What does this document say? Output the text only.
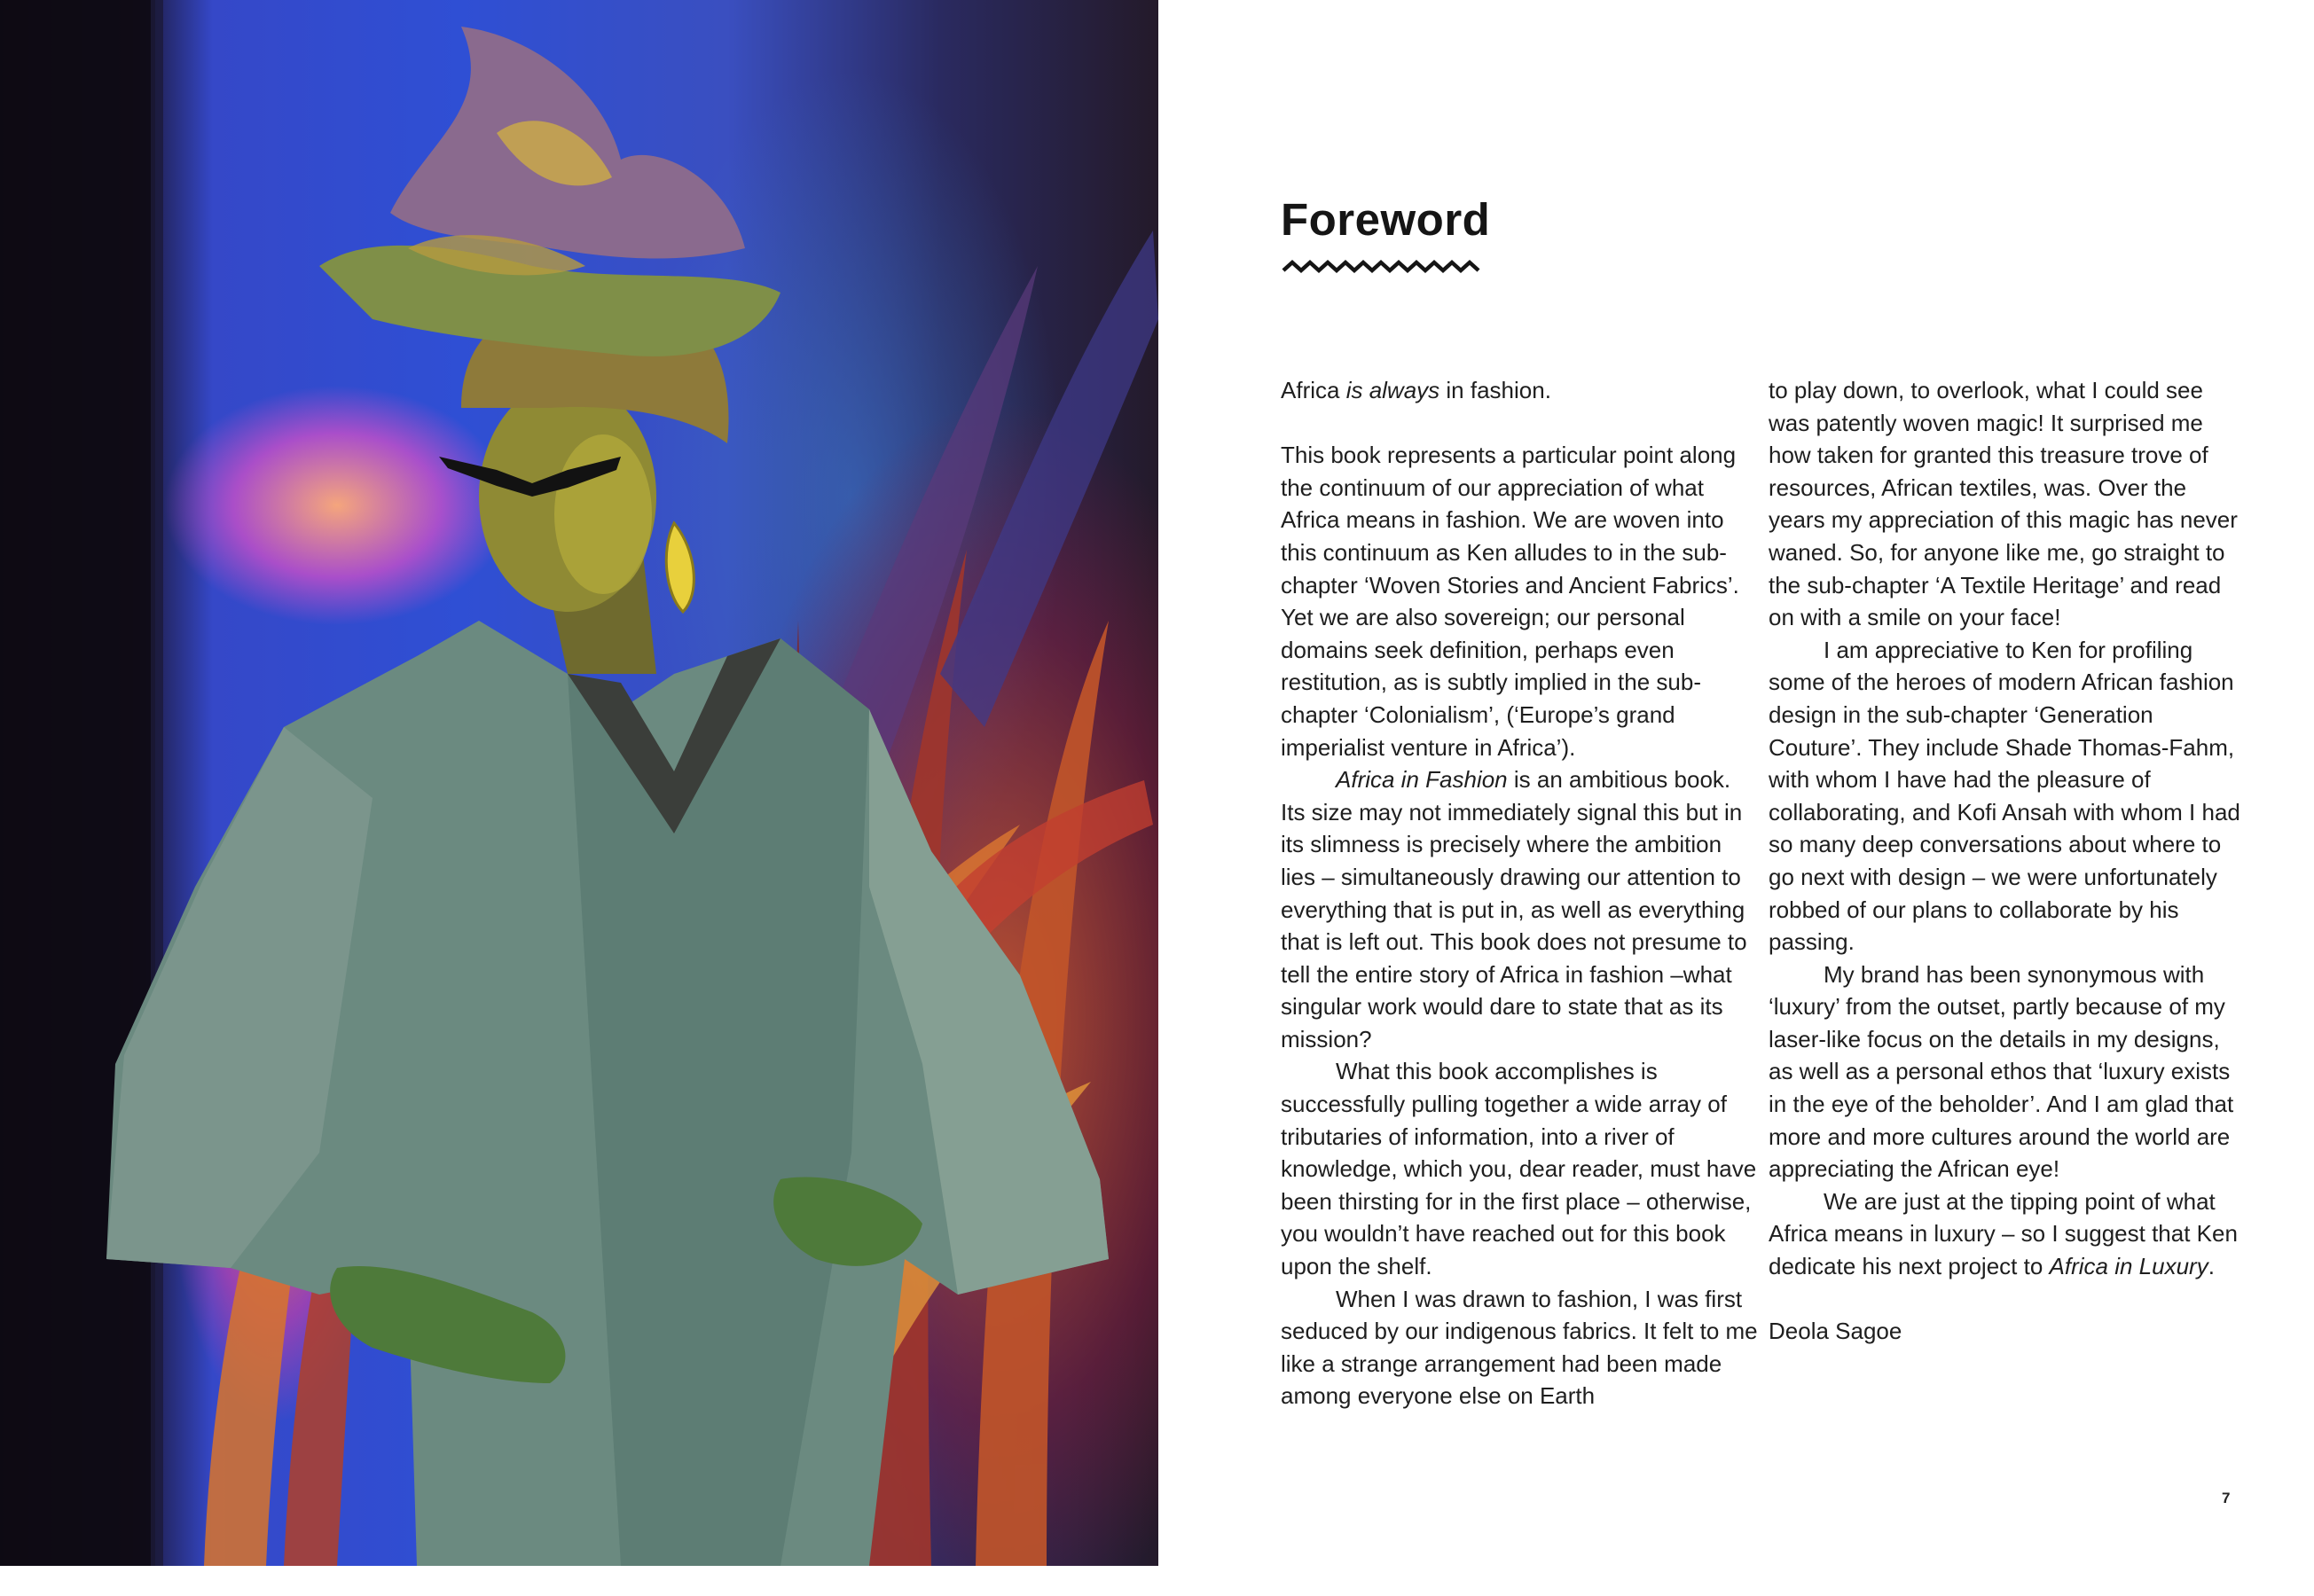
Foreword

Africa is always in fashion.

This book represents a particular point along the continuum of our appreciation of what Africa means in fashion. We are woven into this continuum as Ken alludes to in the sub-chapter ‘Woven Stories and Ancient Fabrics’. Yet we are also sovereign; our personal domains seek definition, perhaps even restitution, as is subtly implied in the sub-chapter ‘Colonialism’, (‘Europe’s grand imperialist venture in Africa’).

Africa in Fashion is an ambitious book. Its size may not immediately signal this but in its slimness is precisely where the ambition lies – simultaneously drawing our attention to everything that is put in, as well as everything that is left out. This book does not presume to tell the entire story of Africa in fashion –what singular work would dare to state that as its mission?

What this book accomplishes is successfully pulling together a wide array of tributaries of information, into a river of knowledge, which you, dear reader, must have been thirsting for in the first place – otherwise, you wouldn’t have reached out for this book upon the shelf.

When I was drawn to fashion, I was first seduced by our indigenous fabrics. It felt to me like a strange arrangement had been made among everyone else on Earth

to play down, to overlook, what I could see was patently woven magic! It surprised me how taken for granted this treasure trove of resources, African textiles, was. Over the years my appreciation of this magic has never waned. So, for anyone like me, go straight to the sub-chapter ‘A Textile Heritage’ and read on with a smile on your face!

I am appreciative to Ken for profiling some of the heroes of modern African fashion design in the sub-chapter ‘Generation Couture’. They include Shade Thomas-Fahm, with whom I have had the pleasure of collaborating, and Kofi Ansah with whom I had so many deep conversations about where to go next with design – we were unfortunately robbed of our plans to collaborate by his passing.

My brand has been synonymous with ‘luxury’ from the outset, partly because of my laser-like focus on the details in my designs, as well as a personal ethos that ‘luxury exists in the eye of the beholder’. And I am glad that more and more cultures around the world are appreciating the African eye!

We are just at the tipping point of what Africa means in luxury – so I suggest that Ken dedicate his next project to Africa in Luxury.

Deola Sagoe

7
